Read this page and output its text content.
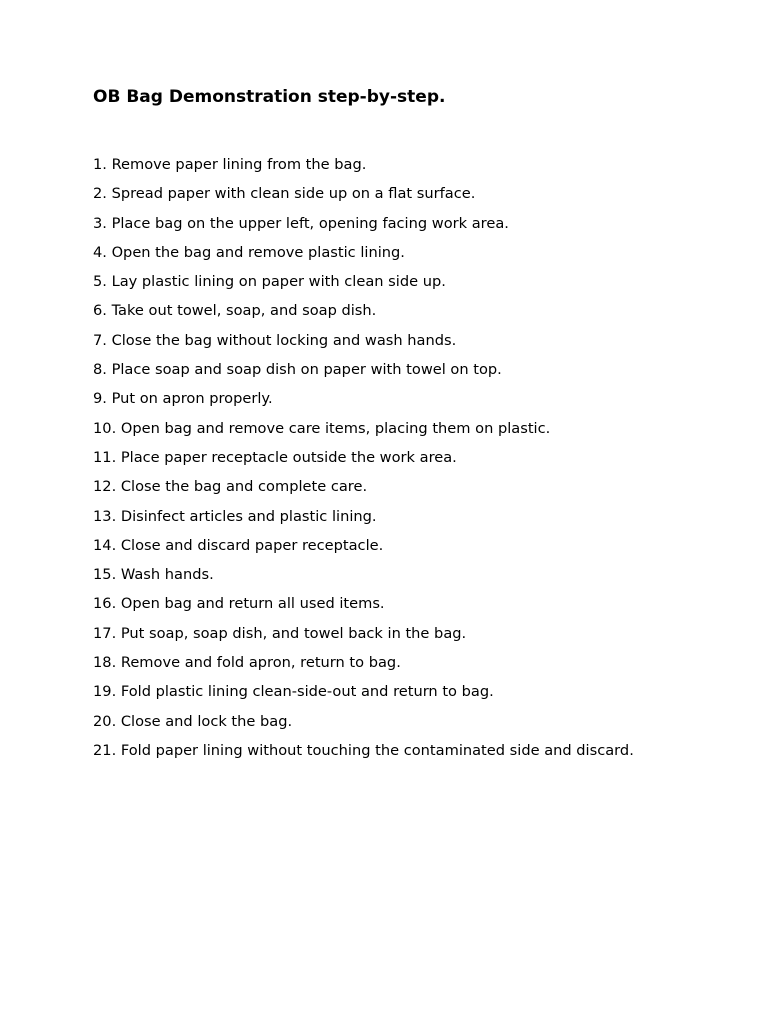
OB Bag Demonstration step-by-step.
1. Remove paper lining from the bag.
2. Spread paper with clean side up on a flat surface.
3. Place bag on the upper left, opening facing work area.
4. Open the bag and remove plastic lining.
5. Lay plastic lining on paper with clean side up.
6. Take out towel, soap, and soap dish.
7. Close the bag without locking and wash hands.
8. Place soap and soap dish on paper with towel on top.
9. Put on apron properly.
10. Open bag and remove care items, placing them on plastic.
11. Place paper receptacle outside the work area.
12. Close the bag and complete care.
13. Disinfect articles and plastic lining.
14. Close and discard paper receptacle.
15. Wash hands.
16. Open bag and return all used items.
17. Put soap, soap dish, and towel back in the bag.
18. Remove and fold apron, return to bag.
19. Fold plastic lining clean-side-out and return to bag.
20. Close and lock the bag.
21. Fold paper lining without touching the contaminated side and discard.
